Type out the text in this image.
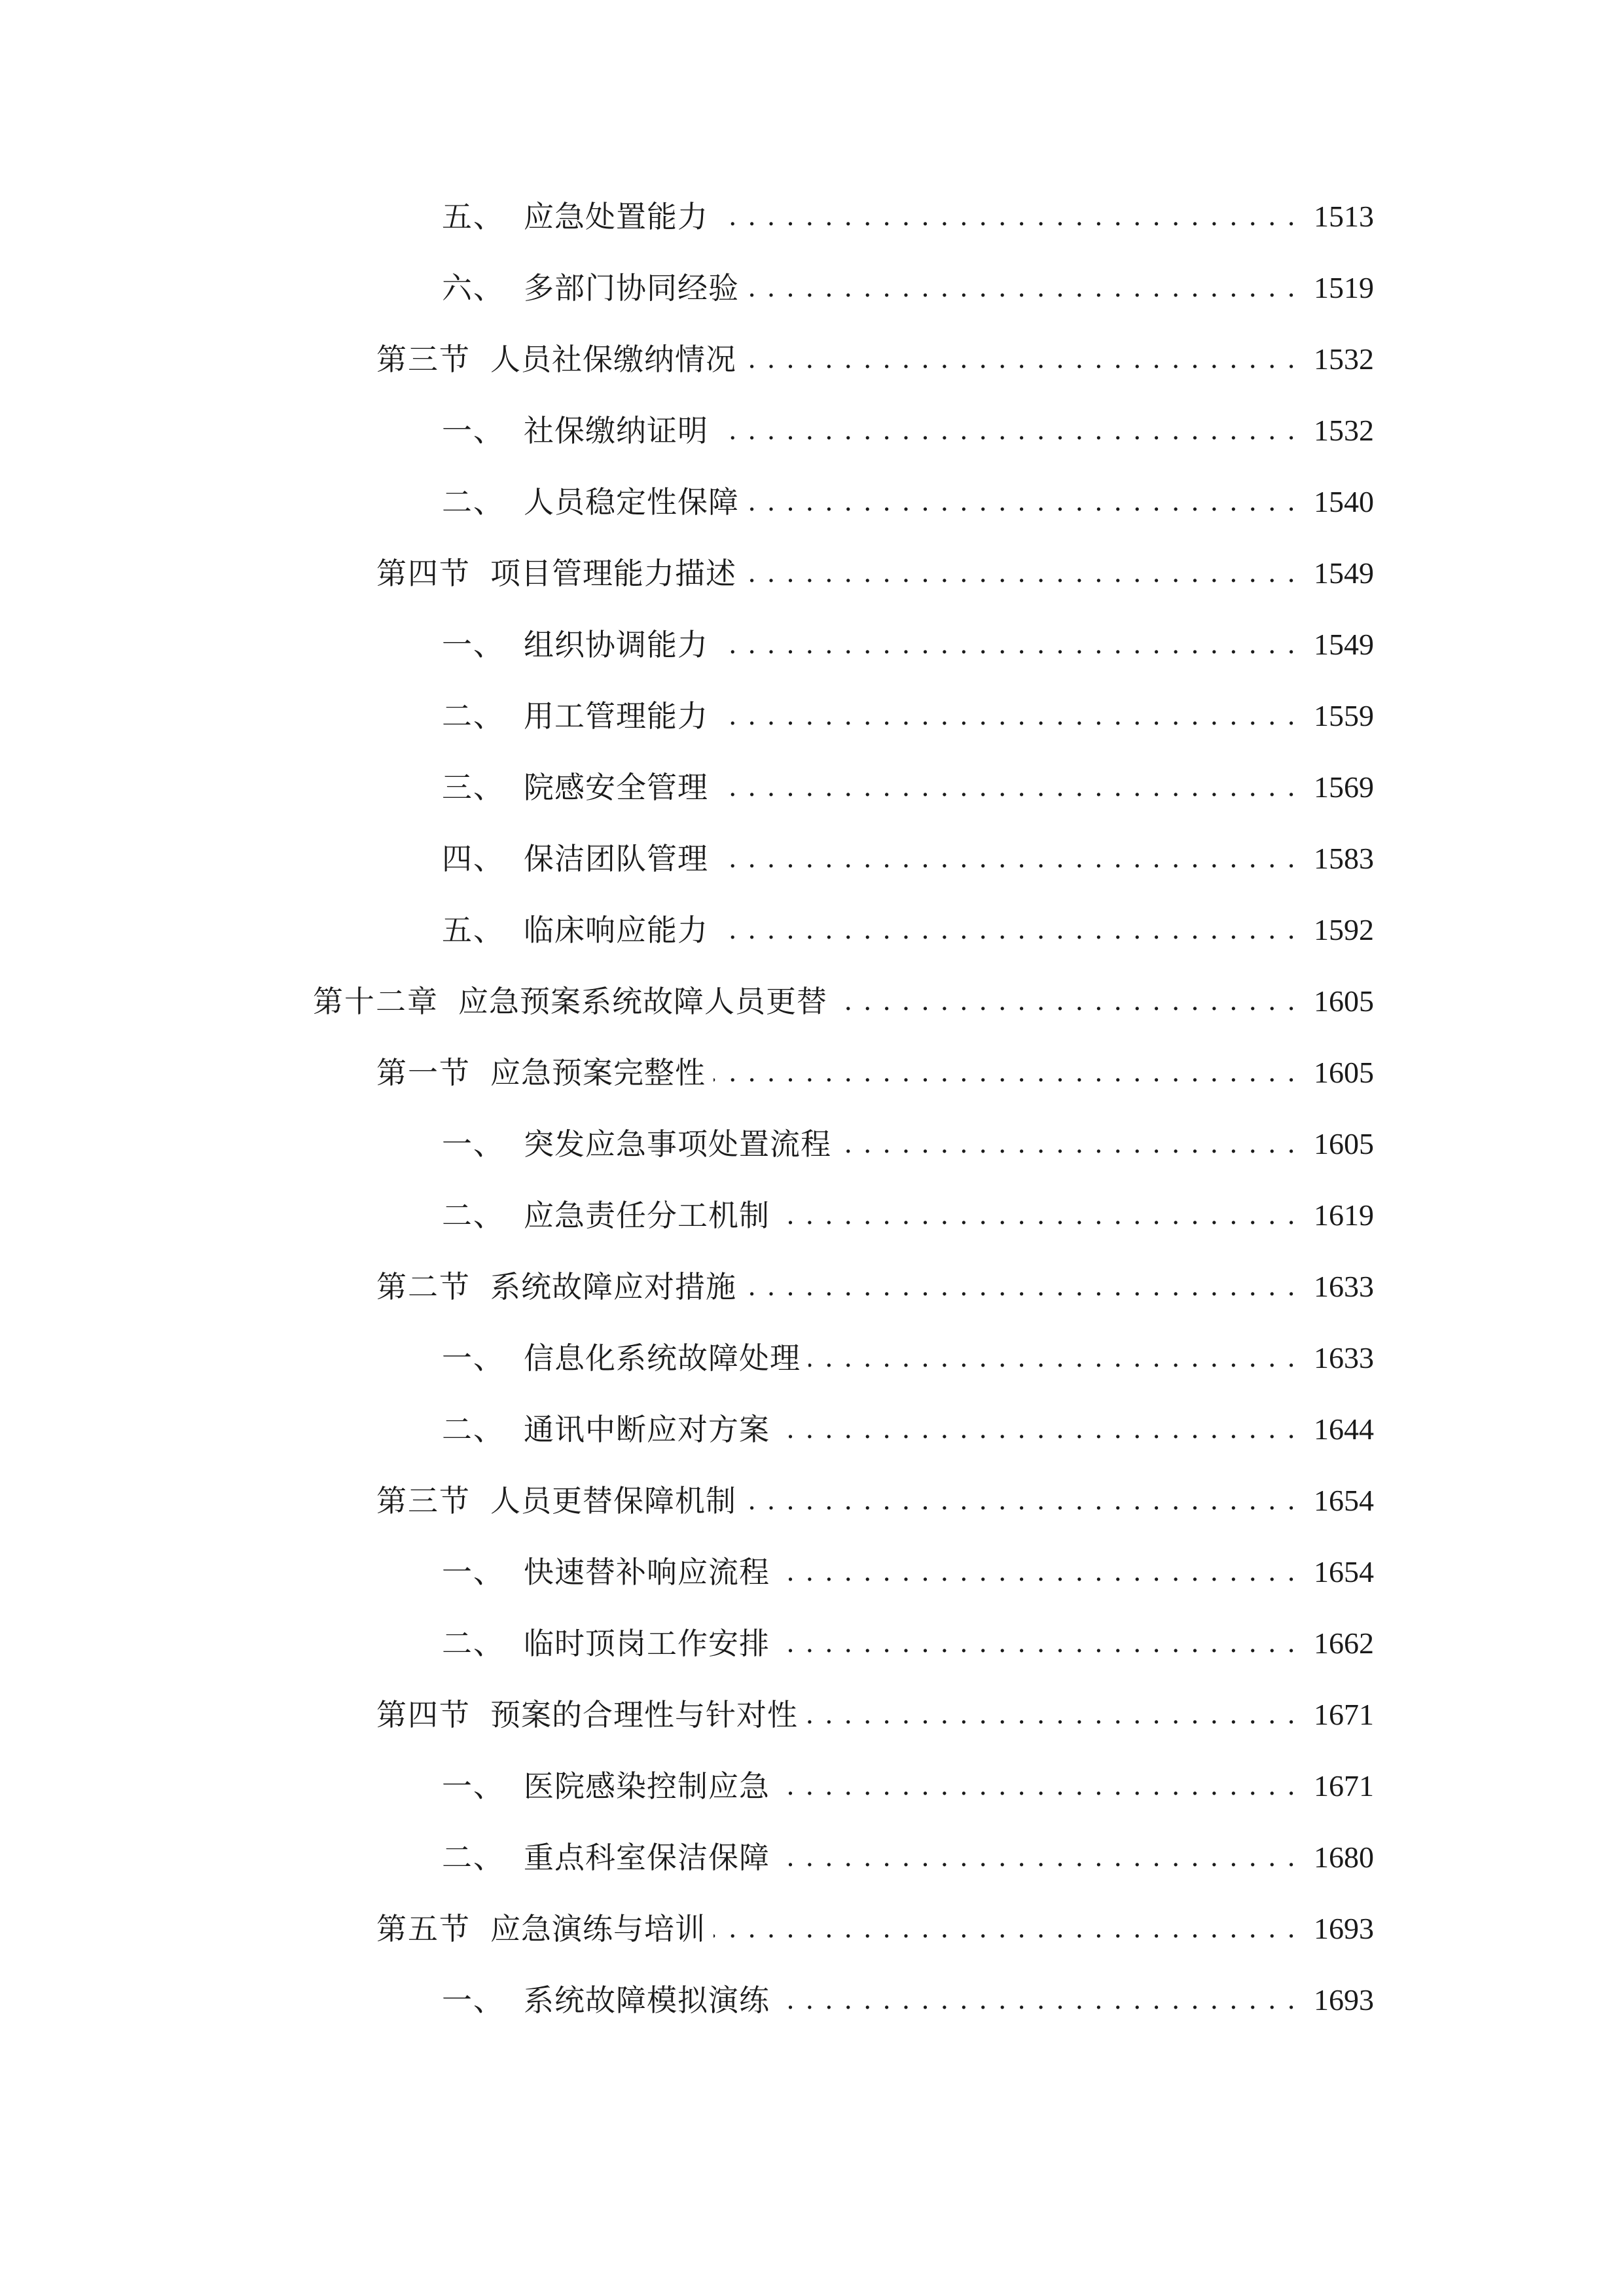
五、 应急处置能力 . . .	1513
六、 多部门协同经验 . . .	1519
第三节 人员社保缴纳情况 . . .	1532
一、 社保缴纳证明 . . .	1532
二、 人员稳定性保障 . . .	1540
第四节 项目管理能力描述 . . .	1549
一、 组织协调能力 . . .	1549
二、 用工管理能力 . . .	1559
三、 院感安全管理 . . .	1569
四、 保洁团队管理 . . .	1583
五、 临床响应能力 . . .	1592
第十二章 应急预案系统故障人员更替 . . .	1605
第一节 应急预案完整性 . . .	1605
一、 突发应急事项处置流程 . . .	1605
二、 应急责任分工机制 . . .	1619
第二节 系统故障应对措施 . . .	1633
一、 信息化系统故障处理 . . .	1633
二、 通讯中断应对方案 . . .	1644
第三节 人员更替保障机制 . . .	1654
一、 快速替补响应流程 . . .	1654
二、 临时顶岗工作安排 . . .	1662
第四节 预案的合理性与针对性 . . .	1671
一、 医院感染控制应急 . . .	1671
二、 重点科室保洁保障 . . .	1680
第五节 应急演练与培训 . . .	1693
一、 系统故障模拟演练 . . .	1693
